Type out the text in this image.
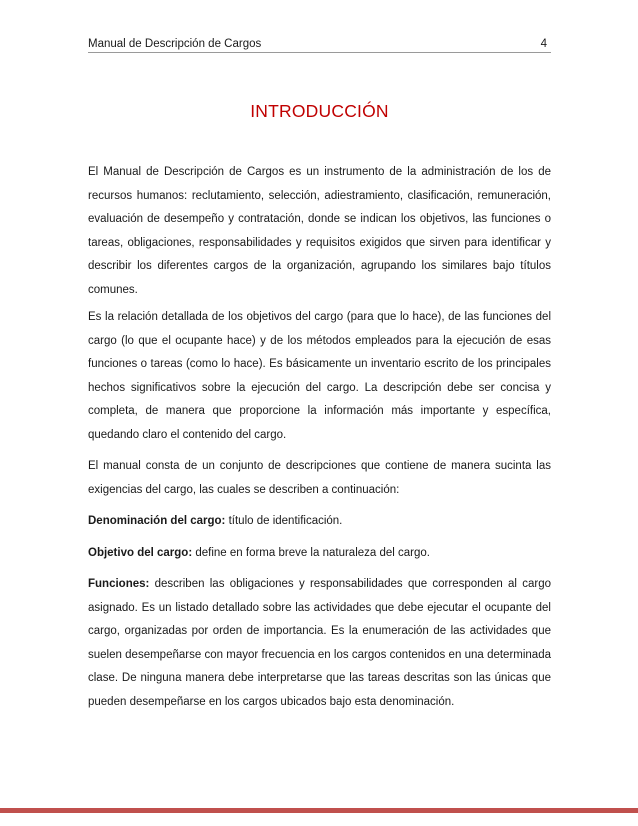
Manual de Descripción de Cargos	4
INTRODUCCIÓN

El Manual de Descripción de Cargos es un instrumento de la administración de los de recursos humanos: reclutamiento, selección, adiestramiento, clasificación, remuneración, evaluación de desempeño y contratación, donde se indican los objetivos, las funciones o tareas, obligaciones, responsabilidades y requisitos exigidos que sirven para identificar y describir los diferentes cargos de la organización, agrupando los similares bajo títulos comunes.

Es la relación detallada de los objetivos del cargo (para que lo hace), de las funciones del cargo (lo que el ocupante hace) y de los métodos empleados para la ejecución de esas funciones o tareas (como lo hace). Es básicamente un inventario escrito de los principales hechos significativos sobre la ejecución del cargo. La descripción debe ser concisa y completa, de manera que proporcione la información más importante y específica, quedando claro el contenido del cargo.

El manual consta de un conjunto de descripciones que contiene de manera sucinta las exigencias del cargo, las cuales se describen a continuación:

Denominación del cargo: título de identificación.

Objetivo del cargo: define en forma breve la naturaleza del cargo.

Funciones: describen las obligaciones y responsabilidades que corresponden al cargo asignado. Es un listado detallado sobre las actividades que debe ejecutar el ocupante del cargo, organizadas por orden de importancia. Es la enumeración de las actividades que suelen desempeñarse con mayor frecuencia en los cargos contenidos en una determinada clase. De ninguna manera debe interpretarse que las tareas descritas son las únicas que pueden desempeñarse en los cargos ubicados bajo esta denominación.
